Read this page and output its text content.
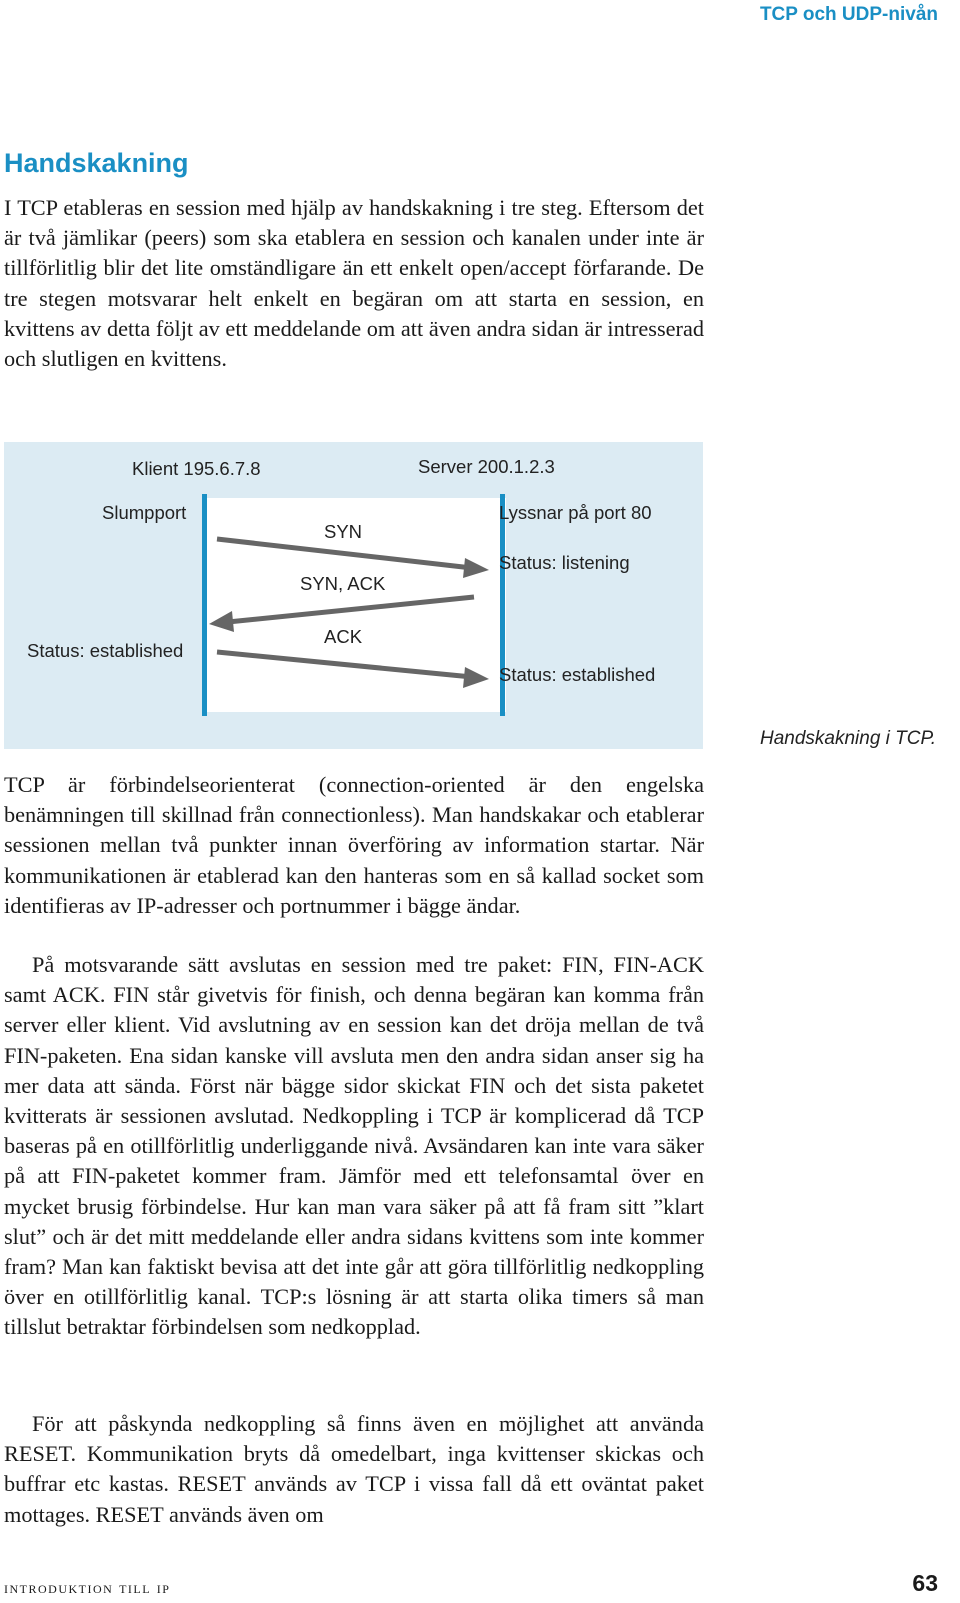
TCP och UDP-nivån
Handskakning

I TCP etableras en session med hjälp av handskakning i tre steg. Eftersom det är två jämlikar (peers) som ska etablera en session och kanalen under inte är tillförlitlig blir det lite omständligare än ett enkelt open/accept förfarande. De tre stegen motsvarar helt enkelt en begäran om att starta en session, en kvittens av detta följt av ett meddelande om att även andra sidan är intresserad och slutligen en kvittens.

Klient 195.6.7.8	Server 200.1.2.3
Slumpport	Lyssnar på port 80
SYN
Status: listening
SYN, ACK
ACK
Status: established
Status: established
Handskakning i TCP.

TCP är förbindelseorienterat (connection-oriented är den engelska benämningen till skillnad från connectionless). Man handskakar och etablerar sessionen mellan två punkter innan överföring av information startar. När kommunikationen är etablerad kan den hanteras som en så kallad socket som identifieras av IP-adresser och portnummer i bägge ändar.

På motsvarande sätt avslutas en session med tre paket: FIN, FIN-ACK samt ACK. FIN står givetvis för finish, och denna begäran kan komma från server eller klient. Vid avslutning av en session kan det dröja mellan de två FIN-paketen. Ena sidan kanske vill avsluta men den andra sidan anser sig ha mer data att sända. Först när bägge sidor skickat FIN och det sista paketet kvitterats är sessionen avslutad. Nedkoppling i TCP är komplicerad då TCP baseras på en otillförlitlig underliggande nivå. Avsändaren kan inte vara säker på att FIN-paketet kommer fram. Jämför med ett telefonsamtal över en mycket brusig förbindelse. Hur kan man vara säker på att få fram sitt ”klart slut” och är det mitt meddelande eller andra sidans kvittens som inte kommer fram? Man kan faktiskt bevisa att det inte går att göra tillförlitlig nedkoppling över en otillförlitlig kanal. TCP:s lösning är att starta olika timers så man tillslut betraktar förbindelsen som nedkopplad.

För att påskynda nedkoppling så finns även en möjlighet att använda RESET. Kommunikation bryts då omedelbart, inga kvittenser skickas och buffrar etc kastas. RESET används av TCP i vissa fall då ett oväntat paket mottages. RESET används även om

introduktion till ip	63
